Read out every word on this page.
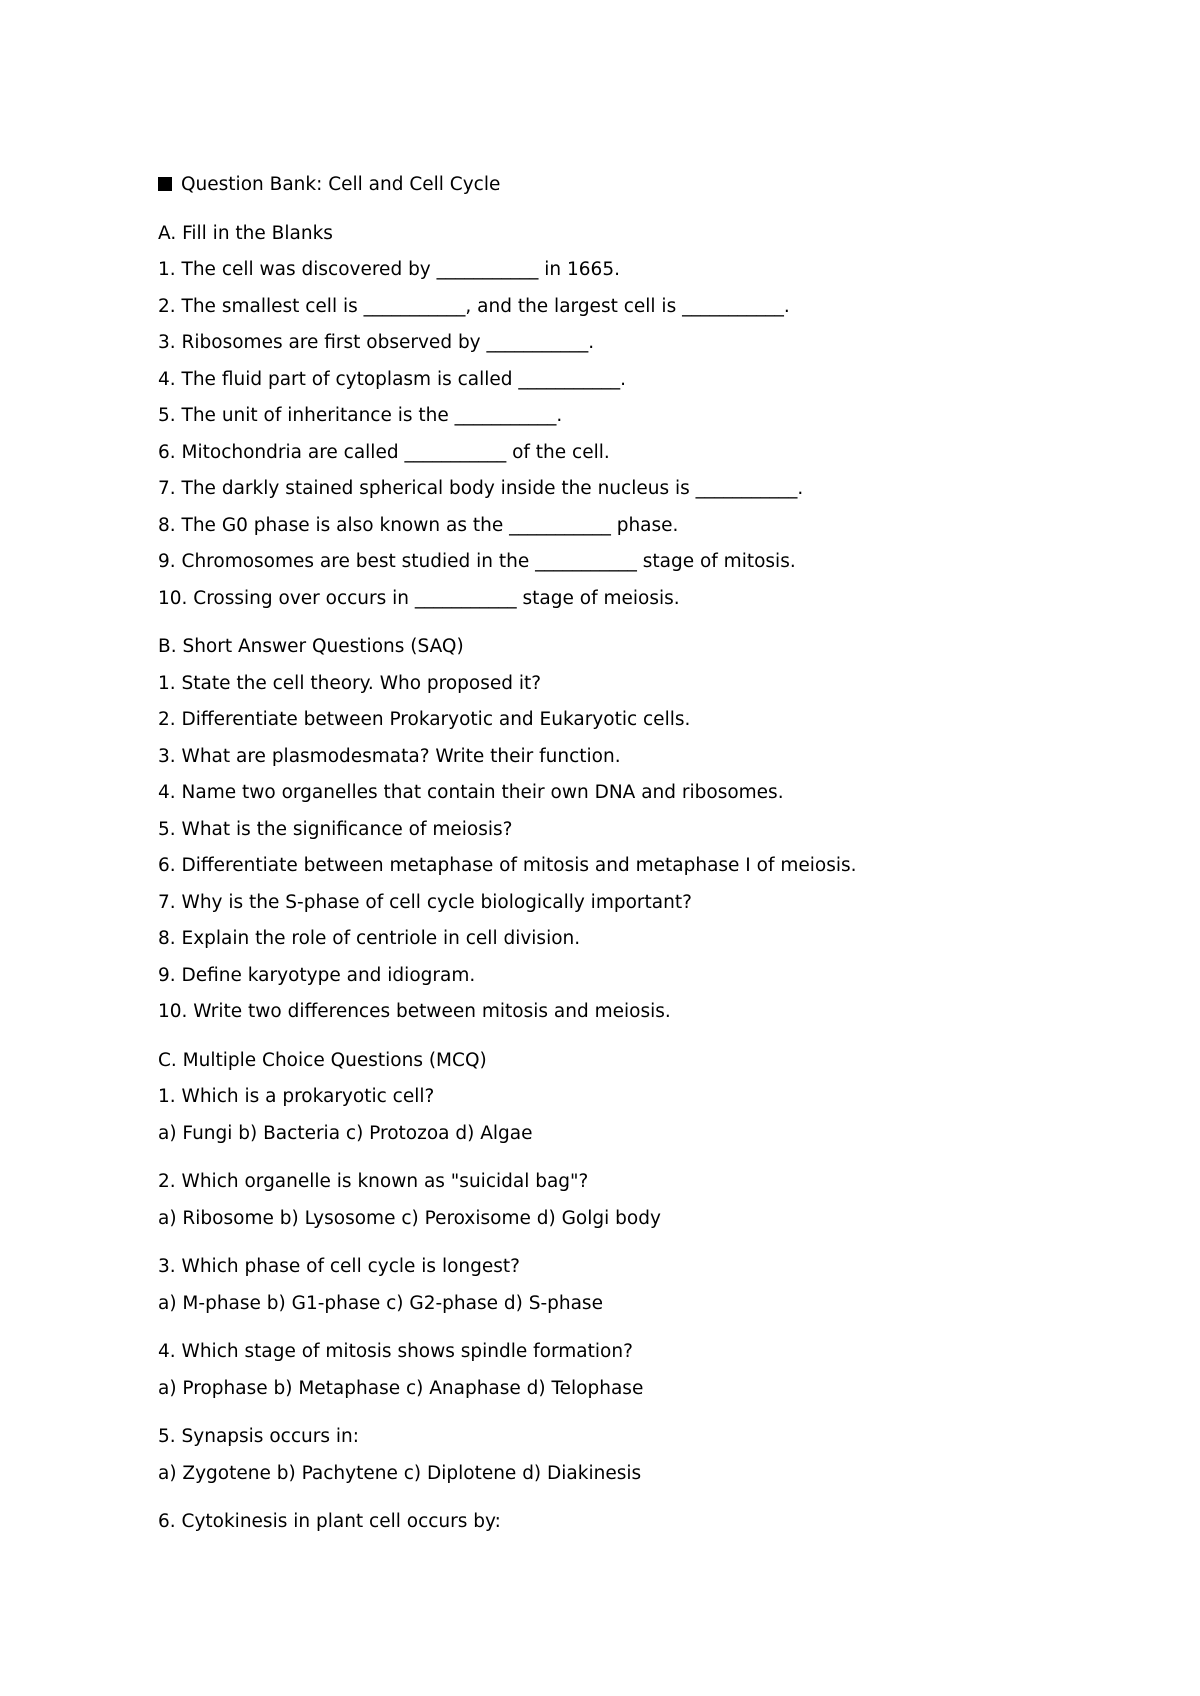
Question Bank: Cell and Cell Cycle
A. Fill in the Blanks
1. The cell was discovered by ___________ in 1665.
2. The smallest cell is ___________, and the largest cell is ___________.
3. Ribosomes are first observed by ___________.
4. The fluid part of cytoplasm is called ___________.
5. The unit of inheritance is the ___________.
6. Mitochondria are called ___________ of the cell.
7. The darkly stained spherical body inside the nucleus is ___________.
8. The G0 phase is also known as the ___________ phase.
9. Chromosomes are best studied in the ___________ stage of mitosis.
10. Crossing over occurs in ___________ stage of meiosis.
B. Short Answer Questions (SAQ)
1. State the cell theory. Who proposed it?
2. Differentiate between Prokaryotic and Eukaryotic cells.
3. What are plasmodesmata? Write their function.
4. Name two organelles that contain their own DNA and ribosomes.
5. What is the significance of meiosis?
6. Differentiate between metaphase of mitosis and metaphase I of meiosis.
7. Why is the S-phase of cell cycle biologically important?
8. Explain the role of centriole in cell division.
9. Define karyotype and idiogram.
10. Write two differences between mitosis and meiosis.
C. Multiple Choice Questions (MCQ)
1. Which is a prokaryotic cell?
a) Fungi b) Bacteria c) Protozoa d) Algae
2. Which organelle is known as "suicidal bag"?
a) Ribosome b) Lysosome c) Peroxisome d) Golgi body
3. Which phase of cell cycle is longest?
a) M-phase b) G1-phase c) G2-phase d) S-phase
4. Which stage of mitosis shows spindle formation?
a) Prophase b) Metaphase c) Anaphase d) Telophase
5. Synapsis occurs in:
a) Zygotene b) Pachytene c) Diplotene d) Diakinesis
6. Cytokinesis in plant cell occurs by:
